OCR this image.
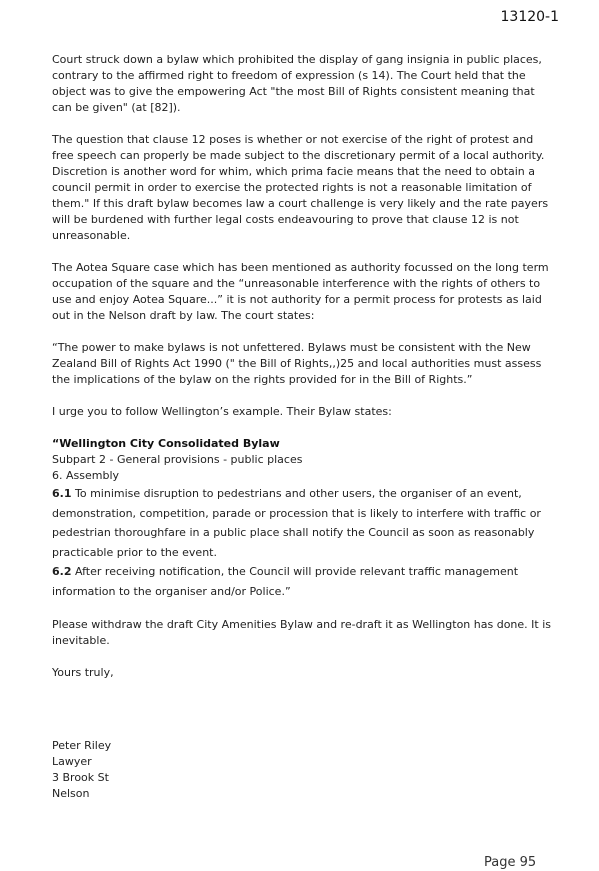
13120-1

Court struck down a bylaw which prohibited the display of gang insignia in public places, contrary to the affirmed right to freedom of expression (s 14). The Court held that the object was to give the empowering Act "the most Bill of Rights consistent meaning that can be given" (at [82]).

The question that clause 12 poses is whether or not exercise of the right of protest and free speech can properly be made subject to the discretionary permit of a local authority. Discretion is another word for whim, which prima facie means that the need to obtain a council permit in order to exercise the protected rights is not a reasonable limitation of them." If this draft bylaw becomes law a court challenge is very likely and the rate payers will be burdened with further legal costs endeavouring to prove that clause 12 is not unreasonable.

The Aotea Square case which has been mentioned as authority focussed on the long term occupation of the square and the “unreasonable interference with the rights of others to use and enjoy Aotea Square...” it is not authority for a permit process for protests as laid out in the Nelson draft by law. The court states:

“The power to make bylaws is not unfettered. Bylaws must be consistent with the New Zealand Bill of Rights Act 1990 (" the Bill of Rights,,)25 and local authorities must assess the implications of the bylaw on the rights provided for in the Bill of Rights.”

I urge you to follow Wellington’s example. Their Bylaw states:

“Wellington City Consolidated Bylaw
Subpart 2 - General provisions - public places
6. Assembly
6.1 To minimise disruption to pedestrians and other users, the organiser of an event, demonstration, competition, parade or procession that is likely to interfere with traffic or pedestrian thoroughfare in a public place shall notify the Council as soon as reasonably practicable prior to the event.
6.2 After receiving notification, the Council will provide relevant traffic management information to the organiser and/or Police.”

Please withdraw the draft City Amenities Bylaw and re-draft it as Wellington has done. It is inevitable.

Yours truly,

Peter Riley
Lawyer
3 Brook St
Nelson
Page 95
